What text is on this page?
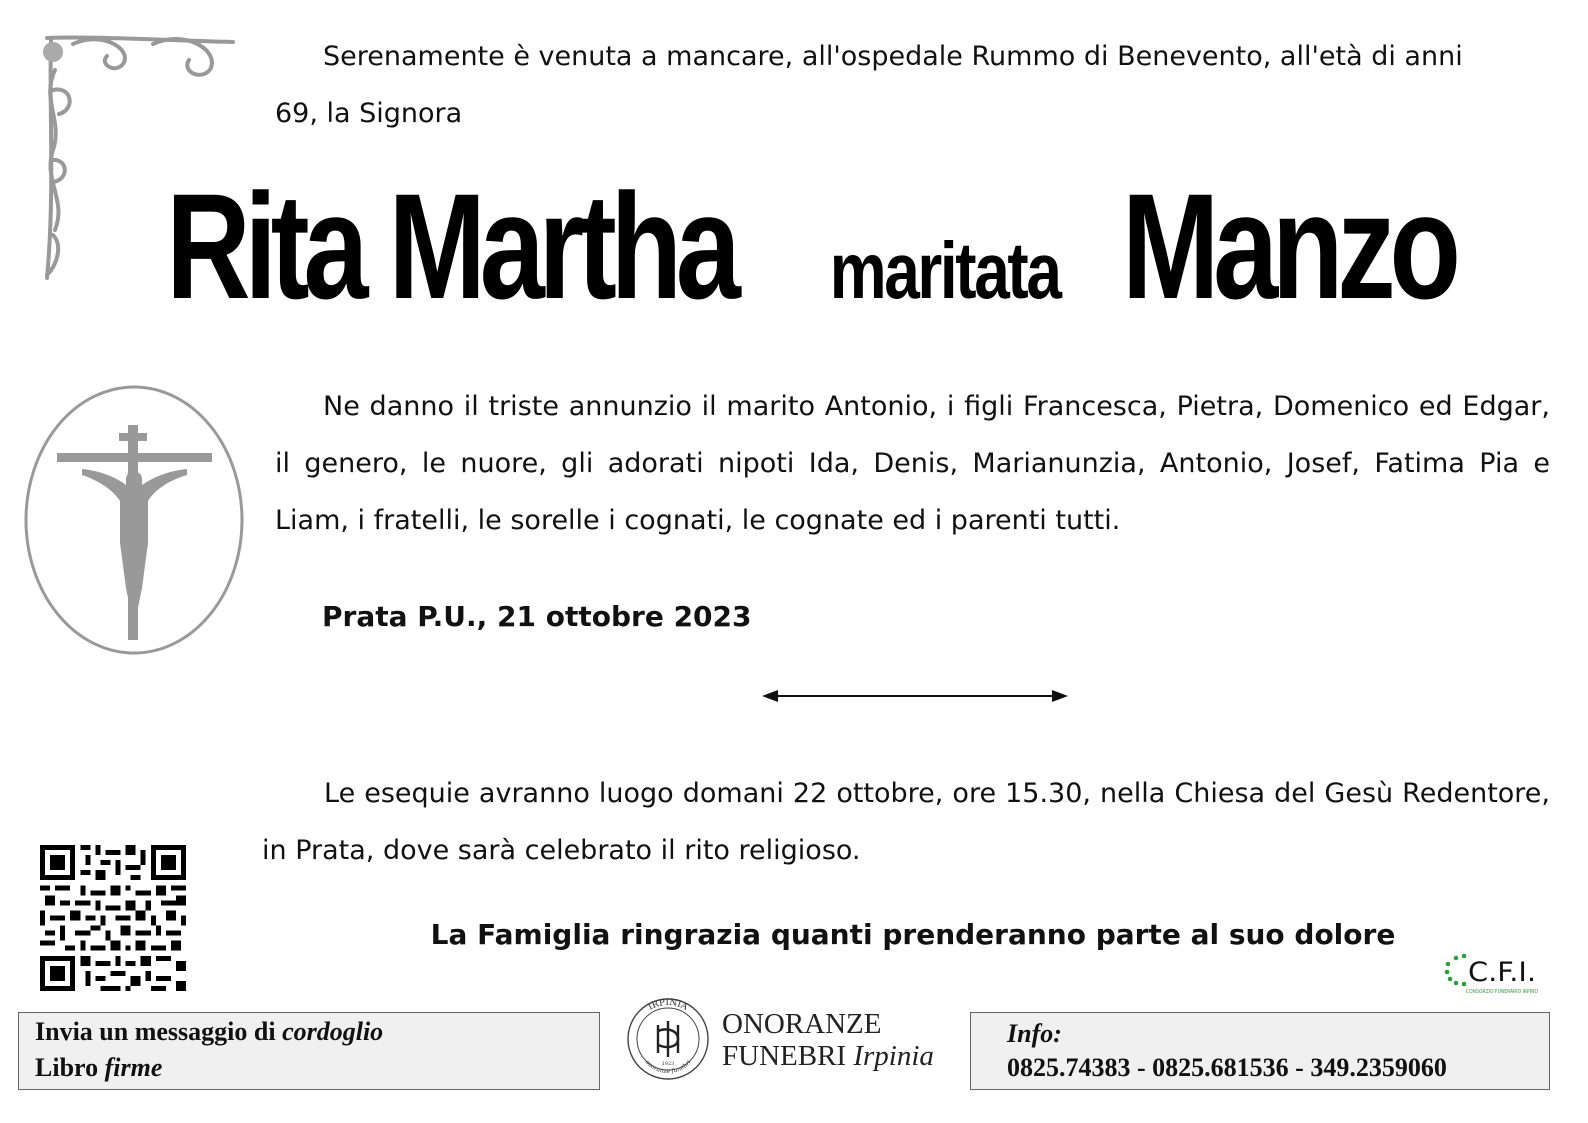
Serenamente è venuta a mancare, all'ospedale Rummo di Benevento, all'età di anni
69, la Signora
Rita Martha maritata Manzo
Ne danno il triste annunzio il marito Antonio, i figli Francesca, Pietra, Domenico ed Edgar, il genero, le nuore, gli adorati nipoti Ida, Denis, Marianunzia, Antonio, Josef, Fatima Pia e Liam, i fratelli, le sorelle i cognati, le cognate ed i parenti tutti.
Prata P.U., 21 ottobre 2023
Le esequie avranno luogo domani 22 ottobre, ore 15.30, nella Chiesa del Gesù Redentore, in Prata, dove sarà celebrato il rito religioso.
La Famiglia ringrazia quanti prenderanno parte al suo dolore
C.F.I.
CONSORZIO FUNERARIO IRPINO
Invia un messaggio di cordoglio
Libro firme
IRPINIA
onoranze funebri
1923
ONORANZE
FUNEBRI Irpinia
Info:
0825.74383 - 0825.681536 - 349.2359060
